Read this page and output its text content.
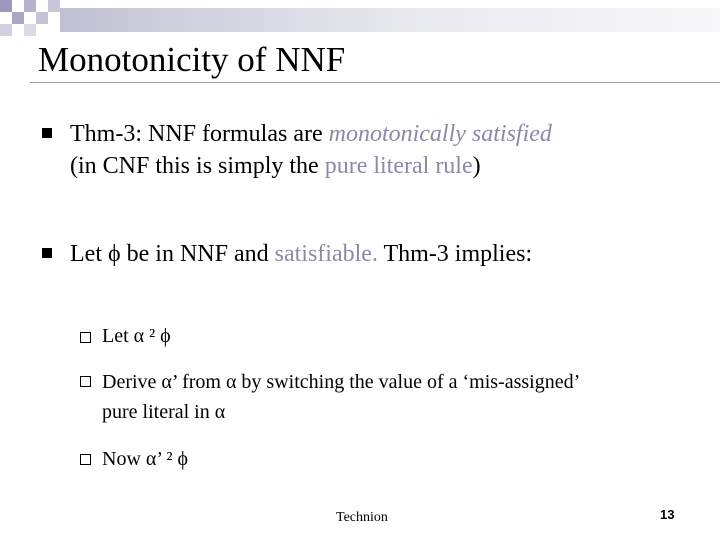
Monotonicity of NNF
Thm-3: NNF formulas are monotonically satisfied
(in CNF this is simply the pure literal rule)
Let ϕ be in NNF and satisfiable. Thm-3 implies:
Let α ² ϕ
Derive α’ from α by switching the value of a ‘mis-assigned’
pure literal in α
Now α’ ² ϕ
Technion	13
